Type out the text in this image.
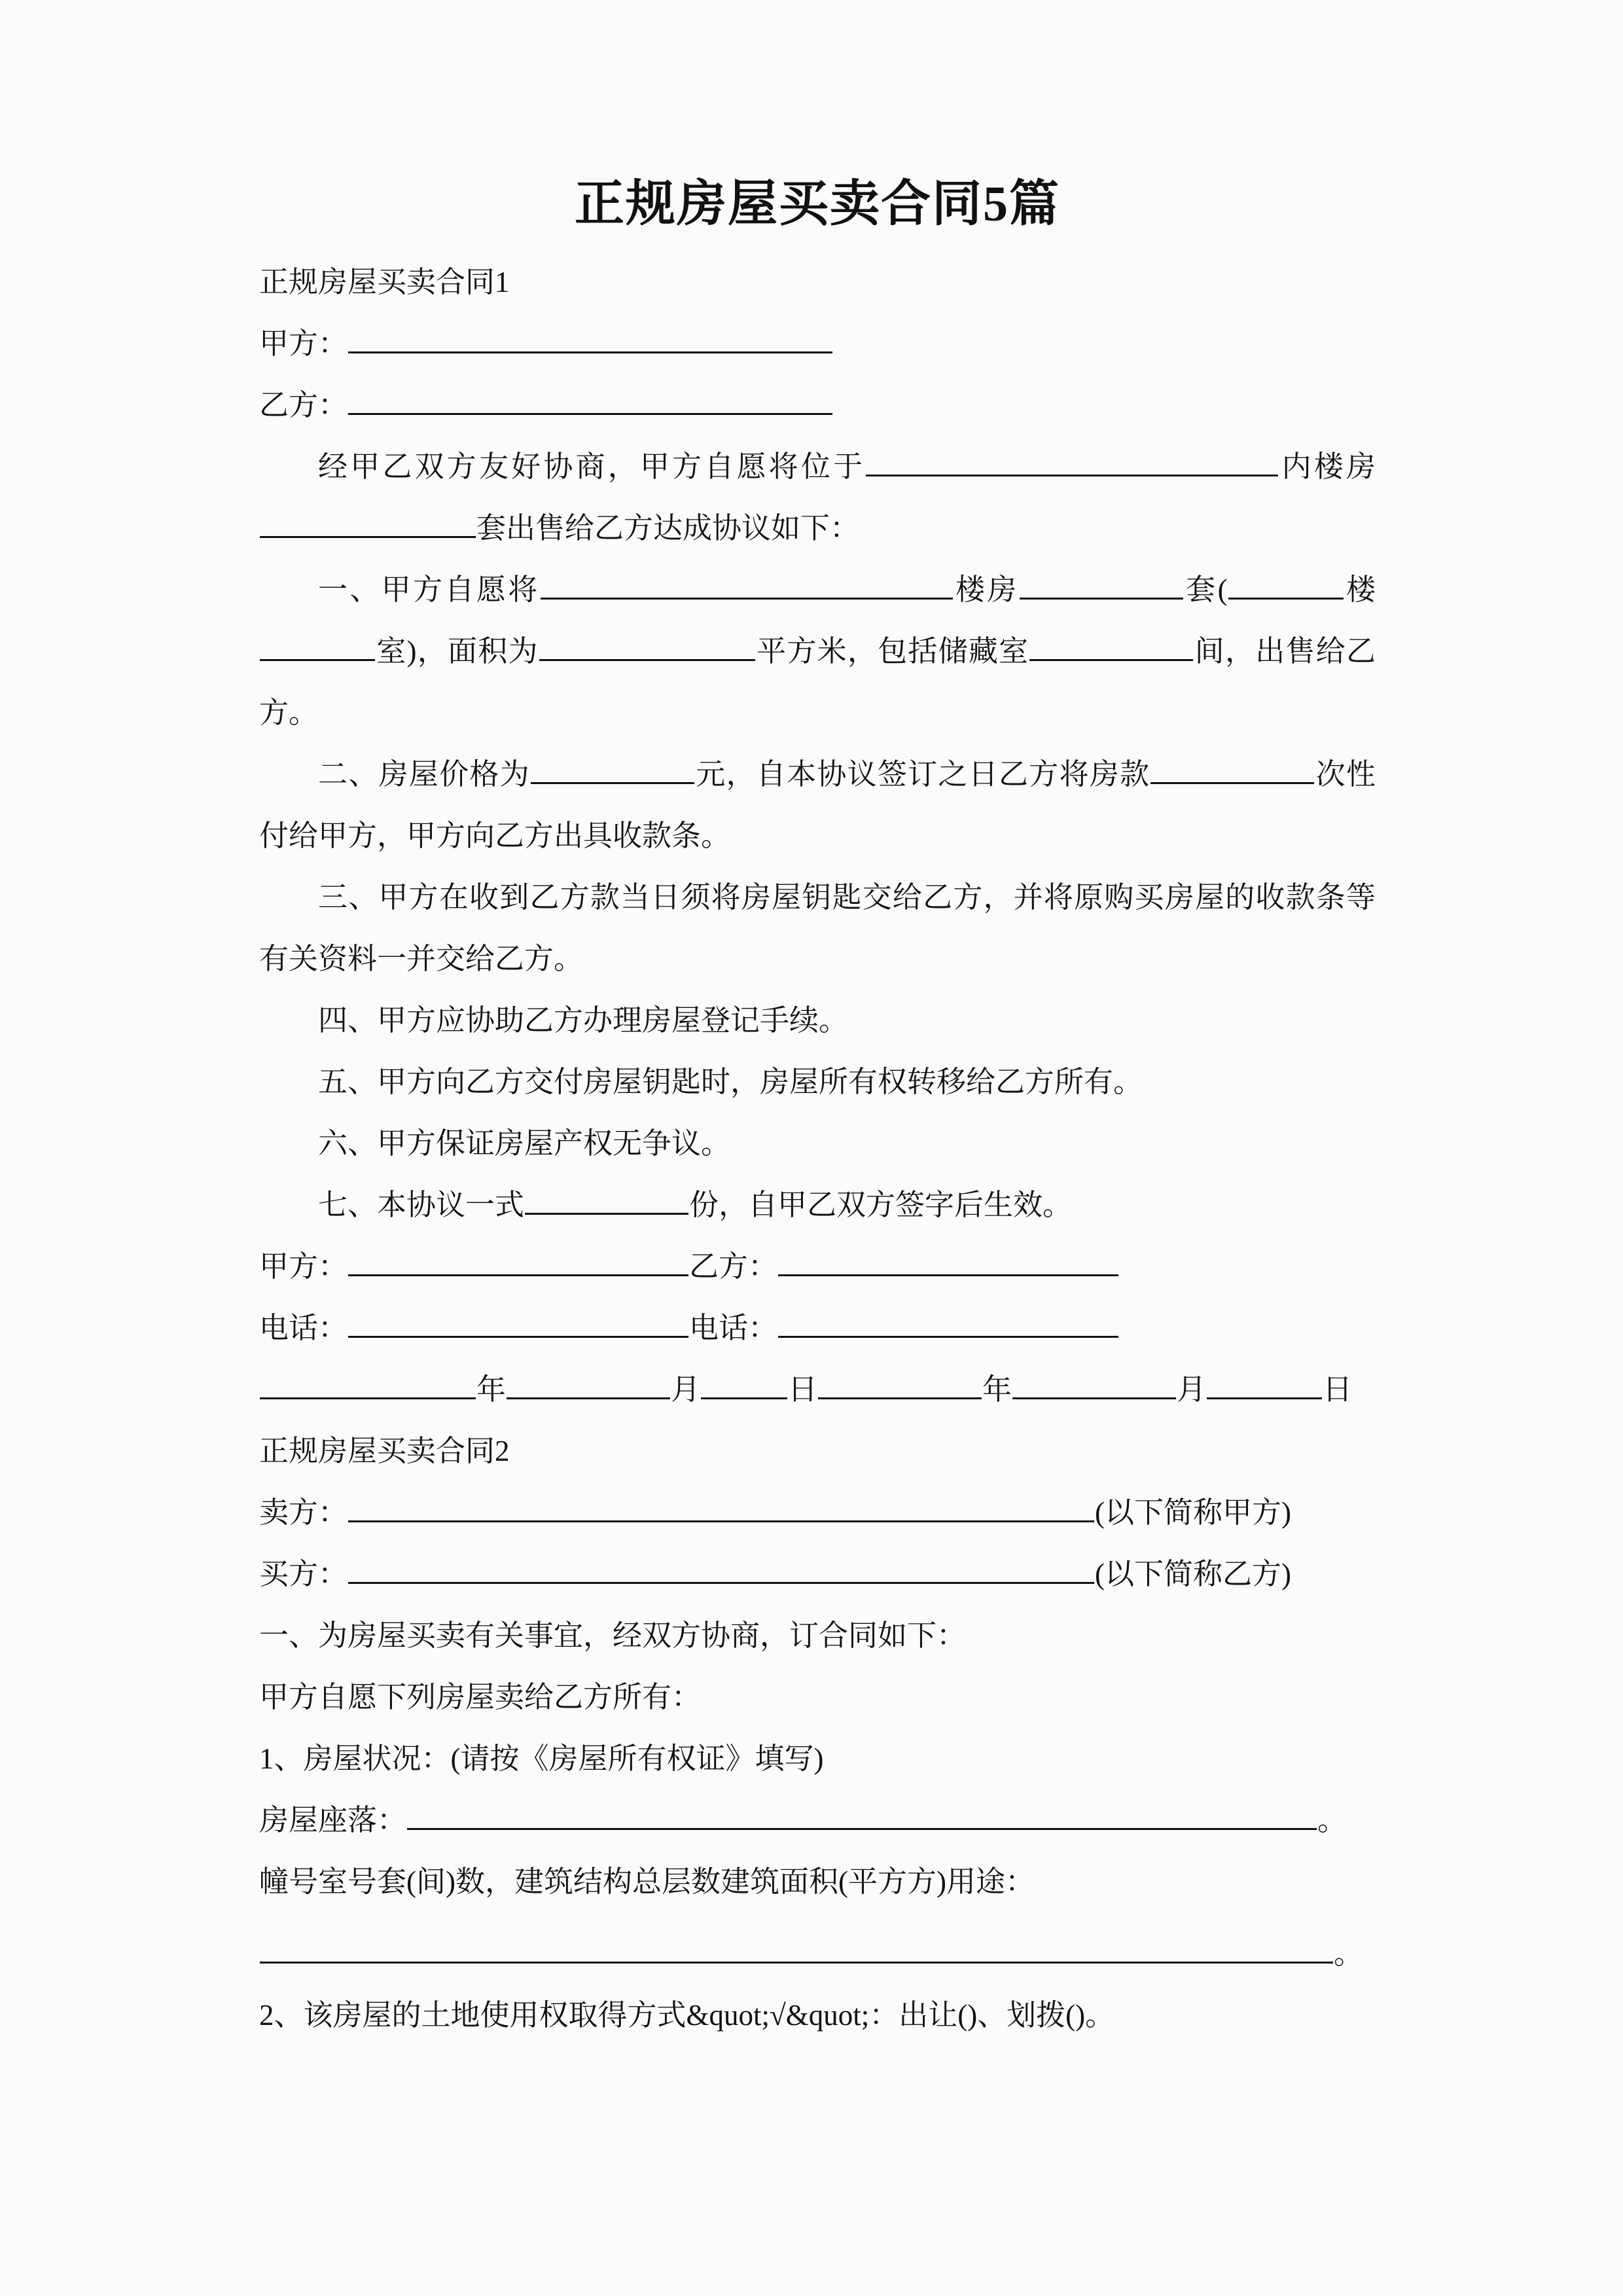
正规房屋买卖合同5篇

正规房屋买卖合同1

甲方：

乙方：

经甲乙双方友好协商，甲方自愿将位于	内楼房套出售给乙方达成协议如下：

一、甲方自愿将	楼房	套(	楼室)，面积为	平方米，包括储藏室	间，出售给乙方。

二、房屋价格为	元，自本协议签订之日乙方将房款	次性付给甲方，甲方向乙方出具收款条。

三、甲方在收到乙方款当日须将房屋钥匙交给乙方，并将原购买房屋的收款条等有关资料一并交给乙方。

四、甲方应协助乙方办理房屋登记手续。

五、甲方向乙方交付房屋钥匙时，房屋所有权转移给乙方所有。

六、甲方保证房屋产权无争议。

七、本协议一式	份，自甲乙双方签字后生效。

甲方：	乙方：

电话：	电话：

年	月	日	年	月	日

正规房屋买卖合同2

卖方：	(以下简称甲方)

买方：	(以下简称乙方)

一、为房屋买卖有关事宜，经双方协商，订合同如下：

甲方自愿下列房屋卖给乙方所有：

1、房屋状况：(请按《房屋所有权证》填写)

房屋座落：	。

幢号室号套(间)数，建筑结构总层数建筑面积(平方方)用途：

。

2、该房屋的土地使用权取得方式&quot;√&quot;：出让()、划拨()。
